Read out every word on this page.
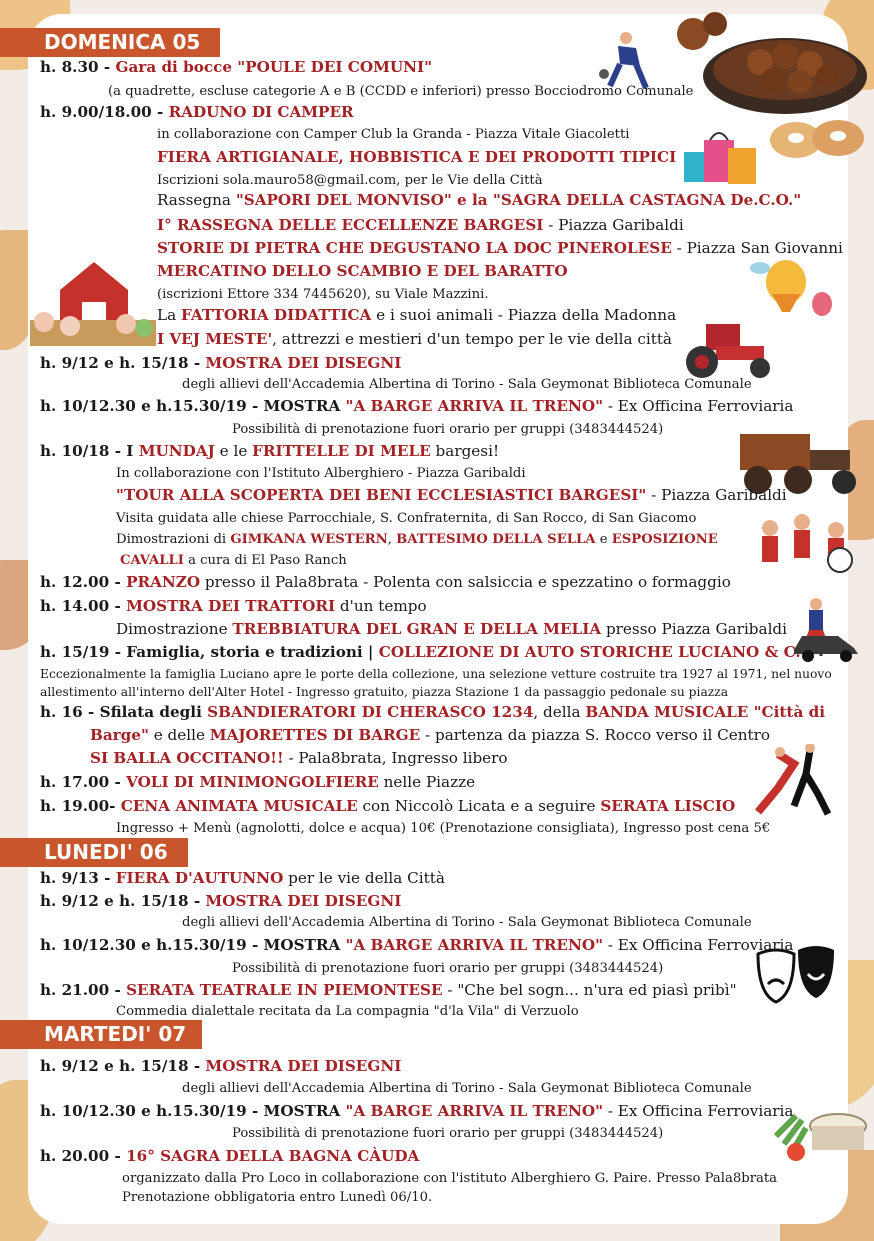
DOMENICA 05
h. 8.30 - Gara di bocce "POULE DEI COMUNI"
(a quadrette, escluse categorie A e B (CCDD e inferiori) presso Bocciodromo Comunale
h. 9.00/18.00 - RADUNO DI CAMPER
in collaborazione con Camper Club la Granda - Piazza Vitale Giacoletti
FIERA ARTIGIANALE, HOBBISTICA E DEI PRODOTTI TIPICI
Iscrizioni sola.mauro58@gmail.com, per le Vie della Città
Rassegna "SAPORI DEL MONVISO" e la "SAGRA DELLA CASTAGNA De.C.O."
I° RASSEGNA DELLE ECCELLENZE BARGESI - Piazza Garibaldi
STORIE DI PIETRA CHE DEGUSTANO LA DOC PINEROLESE - Piazza San Giovanni
MERCATINO DELLO SCAMBIO E DEL BARATTO
(iscrizioni Ettore 334 7445620), su Viale Mazzini.
La FATTORIA DIDATTICA e i suoi animali - Piazza della Madonna
I VEJ MESTE', attrezzi e mestieri d'un tempo per le vie della città
h. 9/12 e h. 15/18 - MOSTRA DEI DISEGNI
degli allievi dell'Accademia Albertina di Torino - Sala Geymonat Biblioteca Comunale
h. 10/12.30 e h.15.30/19 - MOSTRA "A BARGE ARRIVA IL TRENO" - Ex Officina Ferroviaria
Possibilità di prenotazione fuori orario per gruppi (3483444524)
h. 10/18 - I MUNDAJ e le FRITTELLE DI MELE bargesi!
In collaborazione con l'Istituto Alberghiero - Piazza Garibaldi
"TOUR ALLA SCOPERTA DEI BENI ECCLESIASTICI BARGESI" - Piazza Garibaldi
Visita guidata alle chiese Parrocchiale, S. Confraternita, di San Rocco, di San Giacomo
Dimostrazioni di GIMKANA WESTERN, BATTESIMO DELLA SELLA e ESPOSIZIONE
CAVALLI a cura di El Paso Ranch
h. 12.00 - PRANZO presso il Pala8brata - Polenta con salsiccia e spezzatino o formaggio
h. 14.00 - MOSTRA DEI TRATTORI d'un tempo
Dimostrazione TREBBIATURA DEL GRAN E DELLA MELIA presso Piazza Garibaldi
h. 15/19 - Famiglia, storia e tradizioni | COLLEZIONE DI AUTO STORICHE LUCIANO & C.
Eccezionalmente la famiglia Luciano apre le porte della collezione, una selezione vetture costruite tra 1927 al 1971, nel nuovo
allestimento all'interno dell'Alter Hotel - Ingresso gratuito, piazza Stazione 1 da passaggio pedonale su piazza
h. 16 - Sfilata degli SBANDIERATORI DI CHERASCO 1234, della BANDA MUSICALE "Città di
Barge" e delle MAJORETTES DI BARGE - partenza da piazza S. Rocco verso il Centro
SI BALLA OCCITANO!! - Pala8brata, Ingresso libero
h. 17.00 - VOLI DI MINIMONGOLFIERE nelle Piazze
h. 19.00- CENA ANIMATA MUSICALE con Niccolò Licata e a seguire SERATA LISCIO
Ingresso + Menù (agnolotti, dolce e acqua) 10€ (Prenotazione consigliata), Ingresso post cena 5€
LUNEDI' 06
h. 9/13 - FIERA D'AUTUNNO per le vie della Città
h. 9/12 e h. 15/18 - MOSTRA DEI DISEGNI
degli allievi dell'Accademia Albertina di Torino - Sala Geymonat Biblioteca Comunale
h. 10/12.30 e h.15.30/19 - MOSTRA "A BARGE ARRIVA IL TRENO" - Ex Officina Ferroviaria
Possibilità di prenotazione fuori orario per gruppi (3483444524)
h. 21.00 - SERATA TEATRALE IN PIEMONTESE - "Che bel sogn... n'ura ed piasì pribì"
Commedia dialettale recitata da La compagnia "d'la Vila" di Verzuolo
MARTEDI' 07
h. 9/12 e h. 15/18 - MOSTRA DEI DISEGNI
degli allievi dell'Accademia Albertina di Torino - Sala Geymonat Biblioteca Comunale
h. 10/12.30 e h.15.30/19 - MOSTRA "A BARGE ARRIVA IL TRENO" - Ex Officina Ferroviaria
Possibilità di prenotazione fuori orario per gruppi (3483444524)
h. 20.00 - 16° SAGRA DELLA BAGNA CÀUDA
organizzato dalla Pro Loco in collaborazione con l'istituto Alberghiero G. Paire. Presso Pala8brata
Prenotazione obbligatoria entro Lunedì 06/10.
